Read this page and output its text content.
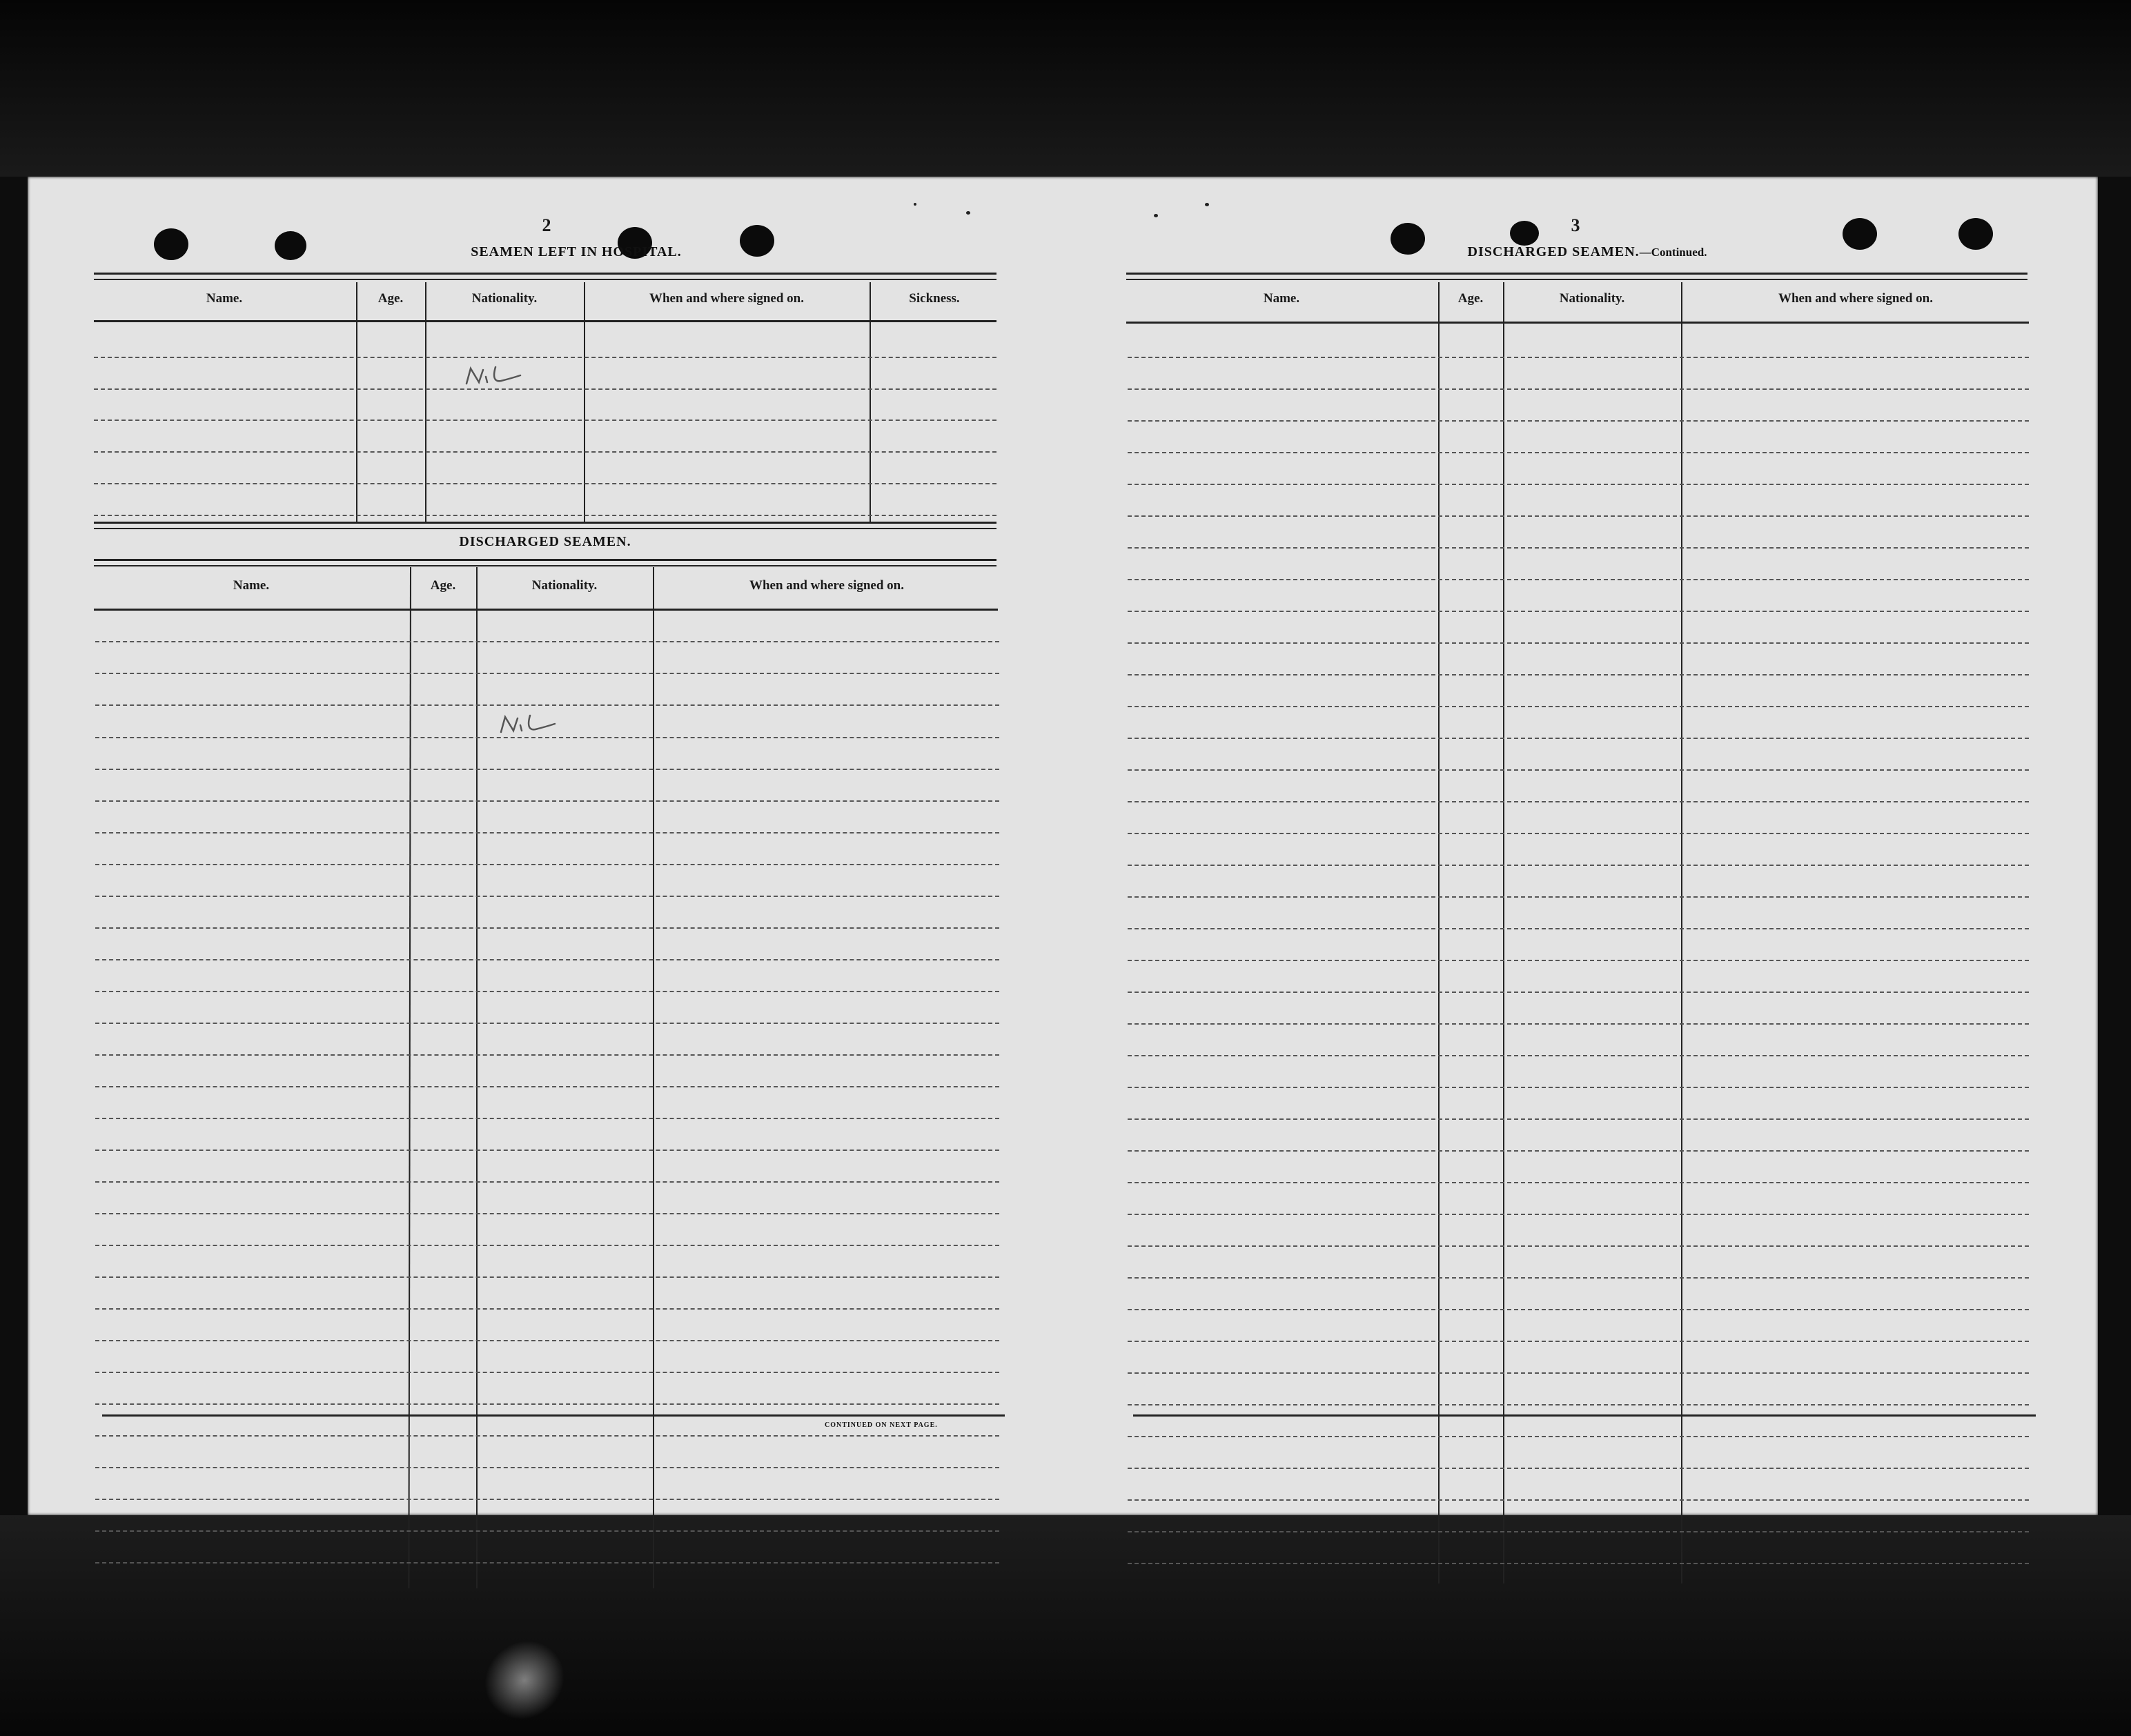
2
SEAMEN LEFT IN HOSPITAL.
Name.	Age.	Nationality.	When and where signed on.	Sickness.
DISCHARGED SEAMEN.
Name.	Age.	Nationality.	When and where signed on.
3
DISCHARGED SEAMEN.—Continued.
Name.	Age.	Nationality.	When and where signed on.
CONTINUED ON NEXT PAGE.
